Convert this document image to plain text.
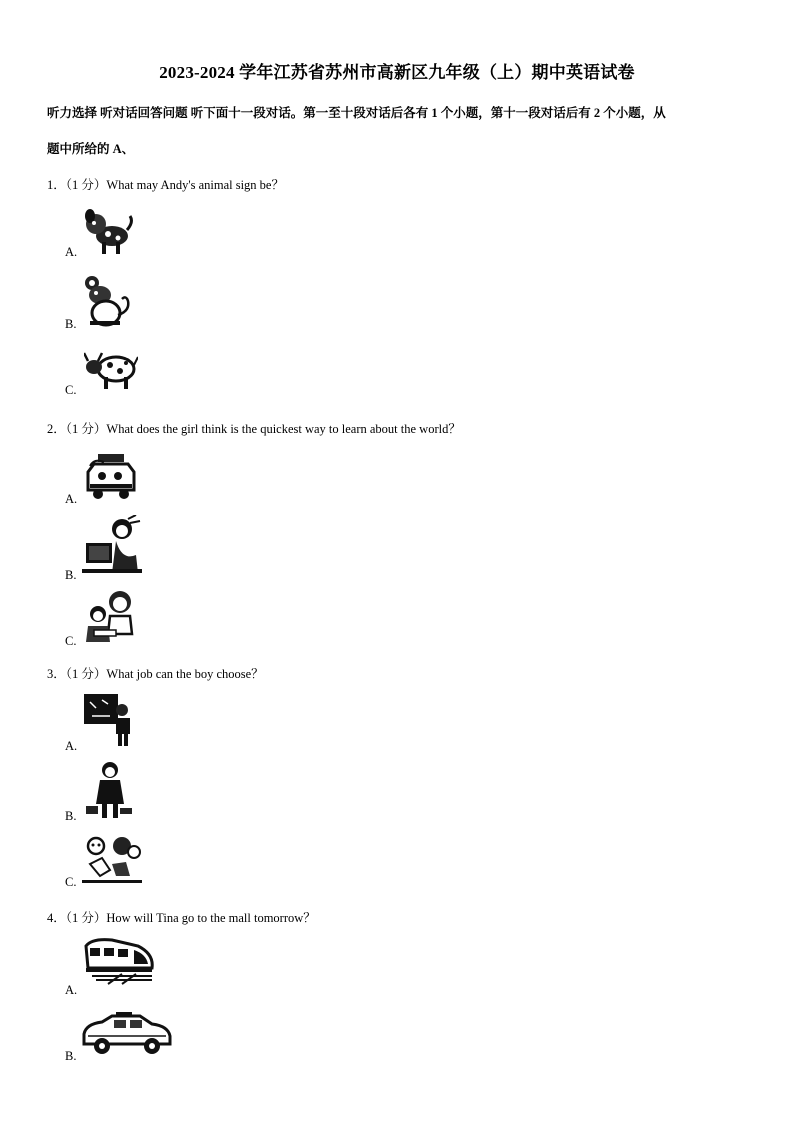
2023-2024 学年江苏省苏州市高新区九年级（上）期中英语试卷
听力选择 听对话回答问题 听下面十一段对话。第一至十段对话后各有 1 个小题，第十一段对话后有 2 个小题，从
题中所给的 A、
1．（1 分）What may Andy's animal sign be？
A.
B.
C.
2．（1 分）What does the girl think is the quickest way to learn about the world？
A.
B.
C.
3．（1 分）What job can the boy choose？
A.
B.
C.
4．（1 分）How will Tina go to the mall tomorrow？
A.
B.
